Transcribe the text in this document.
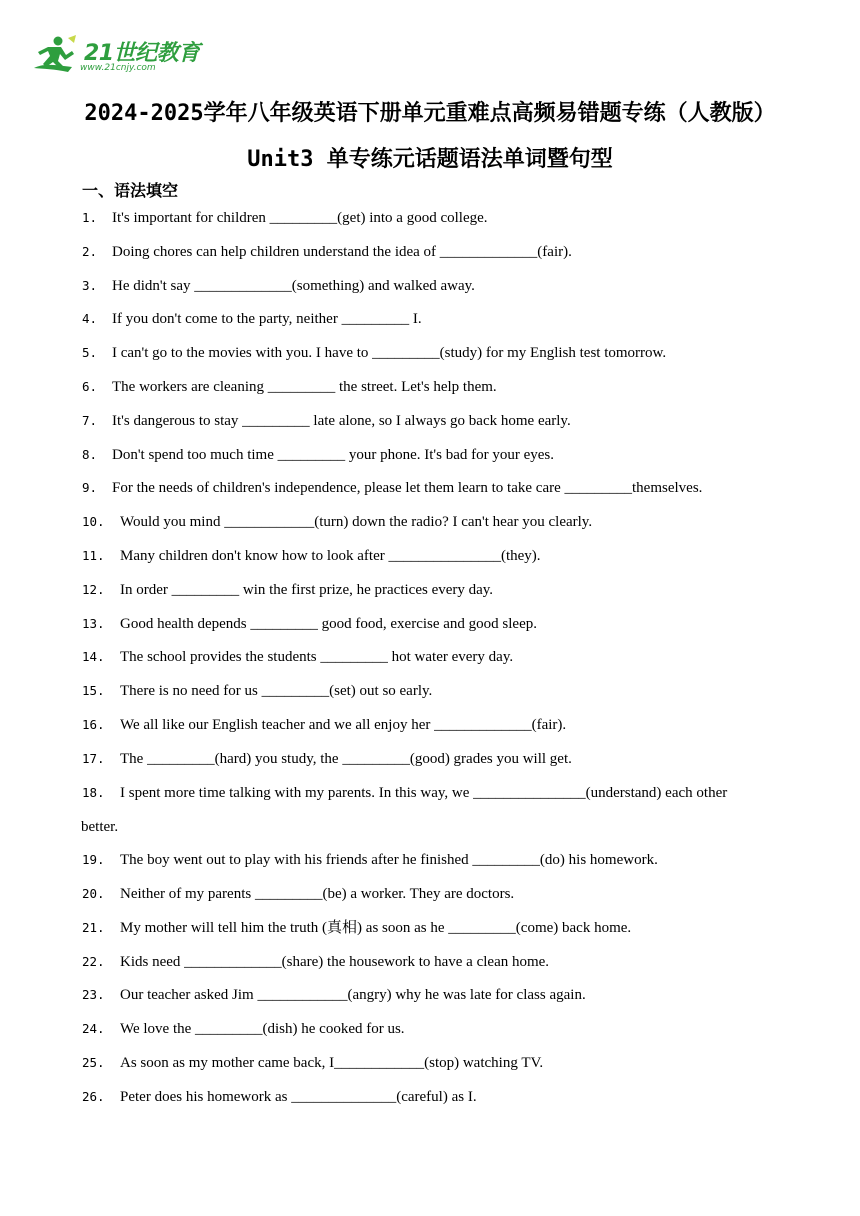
21世纪教育
www.21cnjy.com
2024-2025学年八年级英语下册单元重难点高频易错题专练（人教版）
Unit3 单专练元话题语法单词暨句型
一、语法填空
1. It's important for children _________(get) into a good college.
2. Doing chores can help children understand the idea of _____________(fair).
3. He didn't say _____________(something) and walked away.
4. If you don't come to the party, neither _________ I.
5. I can't go to the movies with you. I have to _________(study) for my English test tomorrow.
6. The workers are cleaning _________ the street. Let's help them.
7. It's dangerous to stay _________ late alone, so I always go back home early.
8. Don't spend too much time _________ your phone. It's bad for your eyes.
9. For the needs of children's independence, please let them learn to take care _________themselves.
10. Would you mind ____________(turn) down the radio? I can't hear you clearly.
11. Many children don't know how to look after _______________(they).
12. In order _________ win the first prize, he practices every day.
13. Good health depends _________ good food, exercise and good sleep.
14. The school provides the students _________ hot water every day.
15. There is no need for us _________(set) out so early.
16. We all like our English teacher and we all enjoy her _____________(fair).
17. The _________(hard) you study, the _________(good) grades you will get.
18. I spent more time talking with my parents. In this way, we _______________(understand) each other
better.
19. The boy went out to play with his friends after he finished _________(do) his homework.
20. Neither of my parents _________(be) a worker. They are doctors.
21. My mother will tell him the truth (真相) as soon as he _________(come) back home.
22. Kids need _____________(share) the housework to have a clean home.
23. Our teacher asked Jim ____________(angry) why he was late for class again.
24. We love the _________(dish) he cooked for us.
25. As soon as my mother came back, I____________(stop) watching TV.
26. Peter does his homework as ______________(careful) as I.
